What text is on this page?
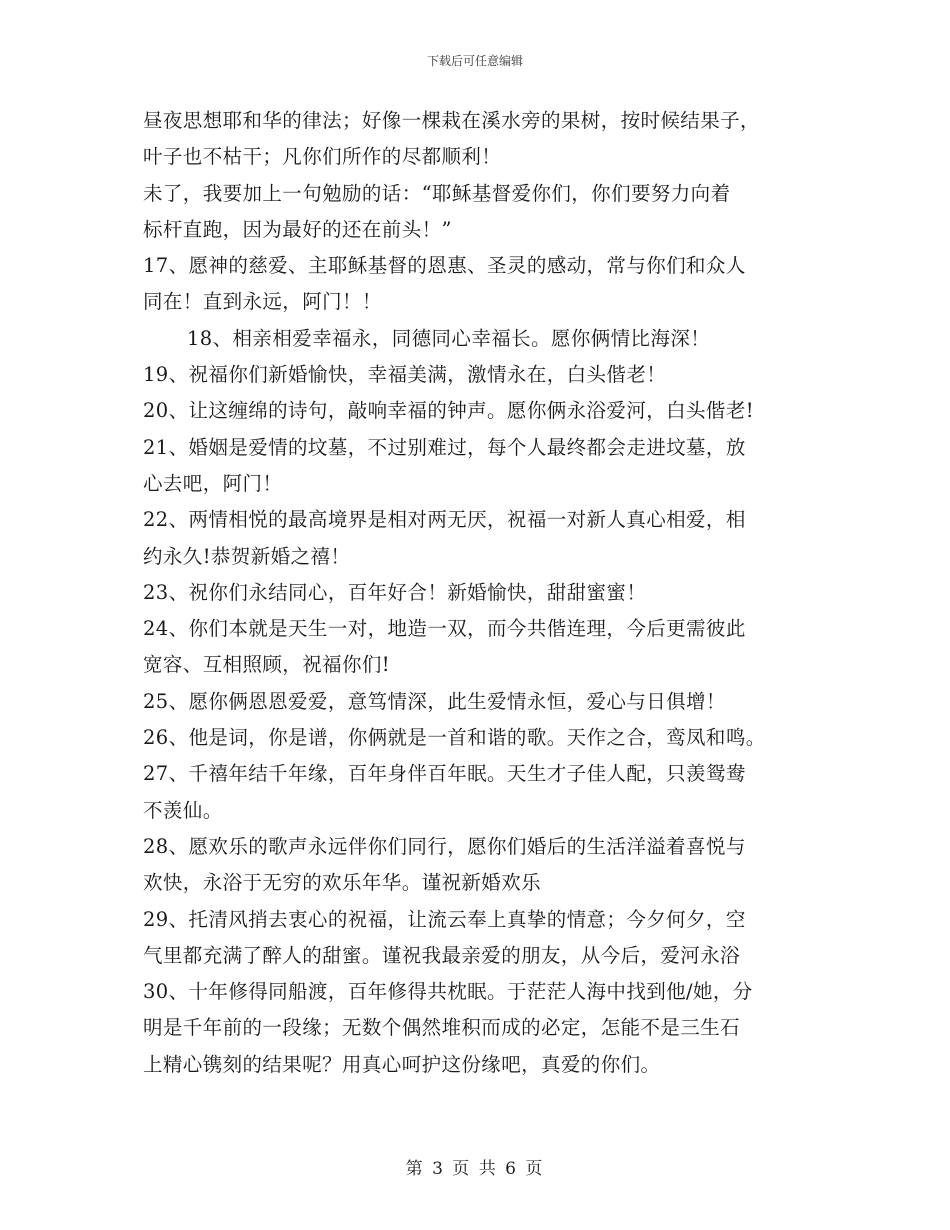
下载后可任意编辑
昼夜思想耶和华的律法；好像一棵栽在溪水旁的果树，按时候结果子，
叶子也不枯干；凡你们所作的尽都顺利！
未了，我要加上一句勉励的话：“耶稣基督爱你们，你们要努力向着
标杆直跑，因为最好的还在前头！”
17、愿神的慈爱、主耶稣基督的恩惠、圣灵的感动，常与你们和众人
同在！直到永远，阿门！！
18、相亲相爱幸福永，同德同心幸福长。愿你俩情比海深！
19、祝福你们新婚愉快，幸福美满，激情永在，白头偕老！
20、让这缠绵的诗句，敲响幸福的钟声。愿你俩永浴爱河，白头偕老!
21、婚姻是爱情的坟墓，不过别难过，每个人最终都会走进坟墓，放
心去吧，阿门！
22、两情相悦的最高境界是相对两无厌，祝福一对新人真心相爱，相
约永久!恭贺新婚之禧！
23、祝你们永结同心，百年好合！新婚愉快，甜甜蜜蜜！
24、你们本就是天生一对，地造一双，而今共偕连理，今后更需彼此
宽容、互相照顾，祝福你们!
25、愿你俩恩恩爱爱，意笃情深，此生爱情永恒，爱心与日俱增！
26、他是词，你是谱，你俩就是一首和谐的歌。天作之合，鸾凤和鸣。
27、千禧年结千年缘，百年身伴百年眠。天生才子佳人配，只羡鸳鸯
不羡仙。
28、愿欢乐的歌声永远伴你们同行，愿你们婚后的生活洋溢着喜悦与
欢快，永浴于无穷的欢乐年华。谨祝新婚欢乐
29、托清风捎去衷心的祝福，让流云奉上真挚的情意；今夕何夕，空
气里都充满了醉人的甜蜜。谨祝我最亲爱的朋友，从今后，爱河永浴
30、十年修得同船渡，百年修得共枕眠。于茫茫人海中找到他/她，分
明是千年前的一段缘；无数个偶然堆积而成的必定，怎能不是三生石
上精心镌刻的结果呢？用真心呵护这份缘吧，真爱的你们。
第 3 页 共 6 页
